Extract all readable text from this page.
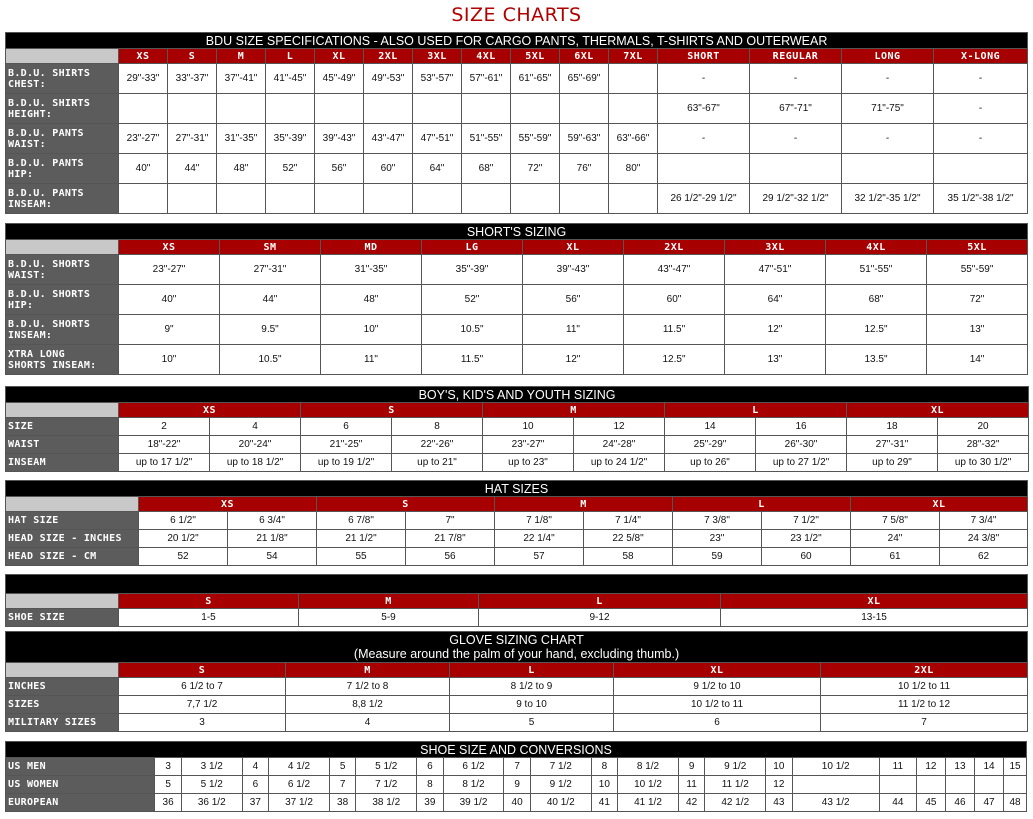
SIZE CHARTS
BDU SIZE SPECIFICATIONS - ALSO USED FOR CARGO PANTS, THERMALS, T-SHIRTS AND OUTERWEAR															
	XS	S	M	L	XL	2XL	3XL	4XL	5XL	6XL	7XL	SHORT	REGULAR	LONG	X-LONG

B.D.U. SHIRTS
CHEST:	29"-33"	33"-37"	37"-41"	41"-45"	45"-49"	49"-53"	53"-57"	57"-61"	61"-65"	65"-69"		-	-	-	-

B.D.U. SHIRTS
HEIGHT:												63"-67"	67"-71"	71"-75"	-

B.D.U. PANTS
WAIST:	23"-27"	27"-31"	31"-35"	35"-39"	39"-43"	43"-47"	47"-51"	51"-55"	55"-59"	59"-63"	63"-66"	-	-	-	-

B.D.U. PANTS
HIP:	40"	44"	48"	52"	56"	60"	64"	68"	72"	76"	80"				

B.D.U. PANTS
INSEAM:												26 1/2"-29 1/2"	29 1/2"-32 1/2"	32 1/2"-35 1/2"	35 1/2"-38 1/2"
SHORT'S SIZING									
	XS	SM	MD	LG	XL	2XL	3XL	4XL	5XL

B.D.U. SHORTS
WAIST:	23"-27"	27"-31"	31"-35"	35"-39"	39"-43"	43"-47"	47"-51"	51"-55"	55"-59"

B.D.U. SHORTS
HIP:	40"	44"	48"	52"	56"	60"	64"	68"	72"

B.D.U. SHORTS
INSEAM:	9"	9.5"	10"	10.5"	11"	11.5"	12"	12.5"	13"

XTRA LONG
SHORTS INSEAM:	10"	10.5"	11"	11.5"	12"	12.5"	13"	13.5"	14"
BOY'S, KID'S AND YOUTH SIZING										
	XS		S		M		L		XL	

SIZE	2	4	6	8	10	12	14	16	18	20

WAIST	18"-22"	20"-24"	21"-25"	22"-26"	23"-27"	24"-28"	25"-29"	26"-30"	27"-31"	28"-32"

INSEAM	up to 17 1/2"	up to 18 1/2"	up to 19 1/2"	up to 21"	up to 23"	up to 24 1/2"	up to 26"	up to 27 1/2"	up to 29"	up to 30 1/2"
HAT SIZES										
	XS		S		M		L		XL	

HAT SIZE	6 1/2"	6 3/4"	6 7/8"	7"	7 1/8"	7 1/4"	7 3/8"	7 1/2"	7 5/8"	7 3/4"

HEAD SIZE - INCHES	20 1/2"	21 1/8"	21 1/2"	21 7/8"	22 1/4"	22 5/8"	23"	23 1/2"	24"	24 3/8"

HEAD SIZE - CM	52	54	55	56	57	58	59	60	61	62

	S	M	L	XL

SHOE SIZE	1-5	5-9	9-12	13-15
GLOVE SIZING CHART
(Measure around the palm of your hand, excluding thumb.)					

	S	M	L	XL	2XL

INCHES	6 1/2 to 7	7 1/2 to 8	8 1/2 to 9	9 1/2 to 10	10 1/2 to 11

SIZES	7,7 1/2	8,8 1/2	9 to 10	10 1/2 to 11	11 1/2 to 12

MILITARY SIZES	3	4	5	6	7
SHOE SIZE AND CONVERSIONS																					

US MEN	3	3 1/2	4	4 1/2	5	5 1/2	6	6 1/2	7	7 1/2	8	8 1/2	9	9 1/2	10	10 1/2	11	12	13	14	15

US WOMEN	5	5 1/2	6	6 1/2	7	7 1/2	8	8 1/2	9	9 1/2	10	10 1/2	11	11 1/2	12						

EUROPEAN	36	36 1/2	37	37 1/2	38	38 1/2	39	39 1/2	40	40 1/2	41	41 1/2	42	42 1/2	43	43 1/2	44	45	46	47	48
